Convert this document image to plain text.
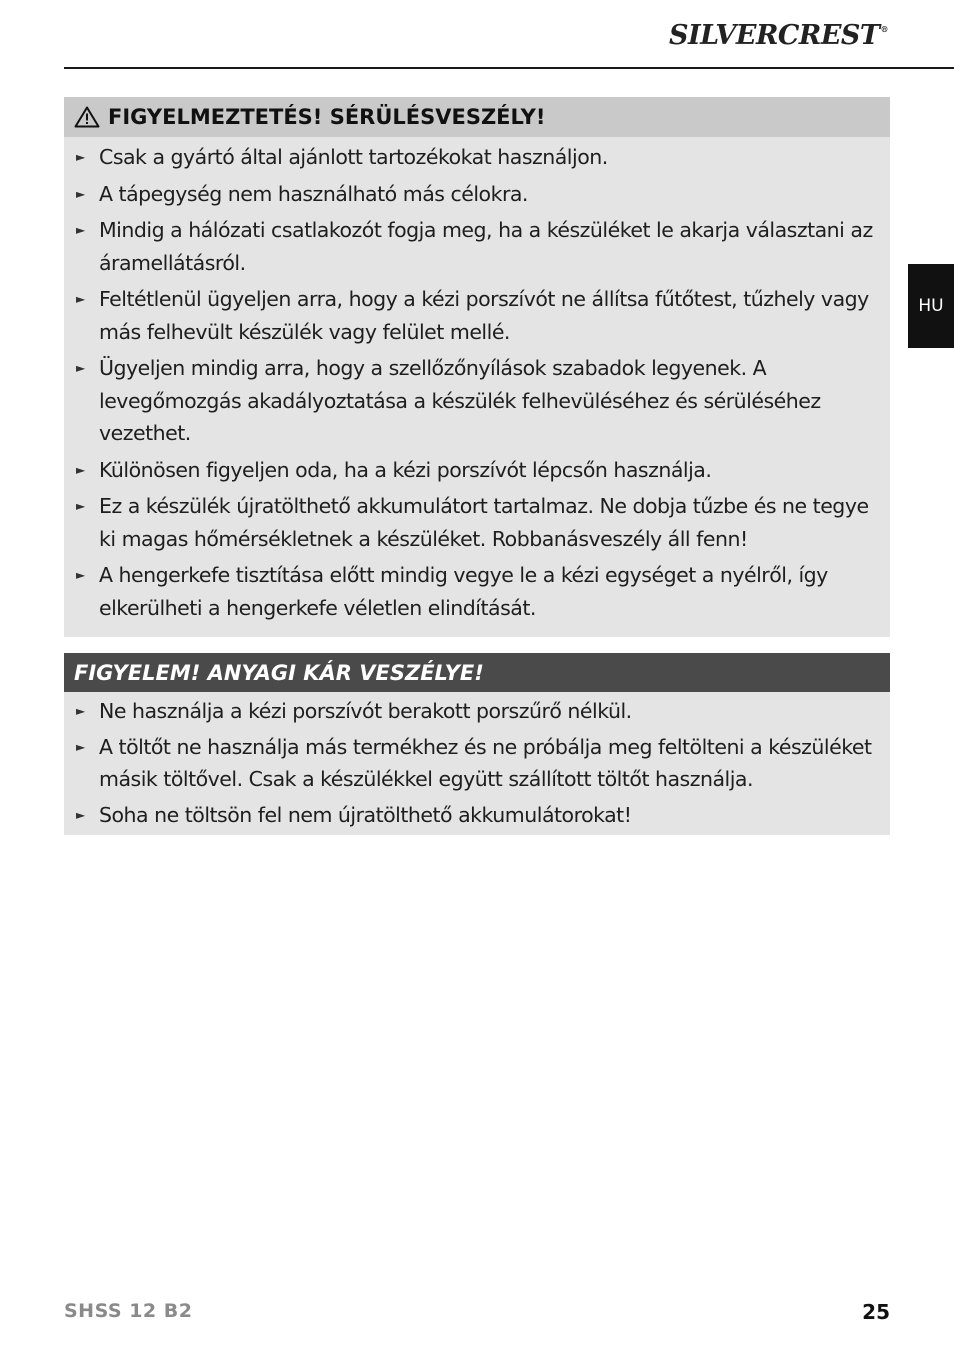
SILVERCREST®
HU
FIGYELMEZTETÉS! SÉRÜLÉSVESZÉLY!
► Csak a gyártó által ajánlott tartozékokat használjon.
► A tápegység nem használható más célokra.
► Mindig a hálózati csatlakozót fogja meg, ha a készüléket le akarja választani az áramellátásról.
► Feltétlenül ügyeljen arra, hogy a kézi porszívót ne állítsa fűtőtest, tűzhely vagy más felhevült készülék vagy felület mellé.
► Ügyeljen mindig arra, hogy a szellőzőnyílások szabadok legyenek. A levegőmozgás akadályoztatása a készülék felhevüléséhez és sérüléséhez vezethet.
► Különösen figyeljen oda, ha a kézi porszívót lépcsőn használja.
► Ez a készülék újratölthető akkumulátort tartalmaz. Ne dobja tűzbe és ne tegye ki magas hőmérsékletnek a készüléket. Robbanásveszély áll fenn!
► A hengerkefe tisztítása előtt mindig vegye le a kézi egységet a nyélről, így elkerülheti a hengerkefe véletlen elindítását.
FIGYELEM! ANYAGI KÁR VESZÉLYE!
► Ne használja a kézi porszívót berakott porszűrő nélkül.
► A töltőt ne használja más termékhez és ne próbálja meg feltölteni a készüléket másik töltővel. Csak a készülékkel együtt szállított töltőt használja.
► Soha ne töltsön fel nem újratölthető akkumulátorokat!
SHSS 12 B2	25
